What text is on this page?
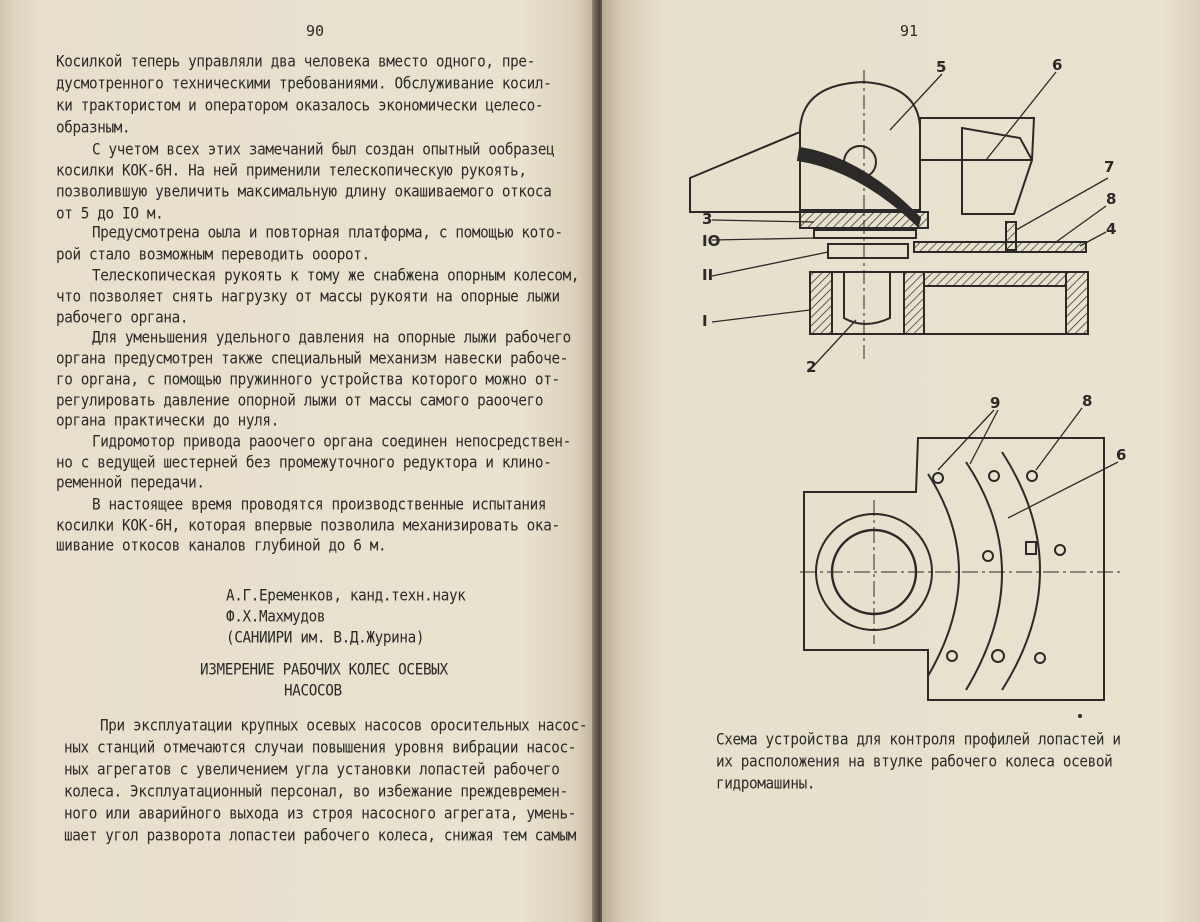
90
Косилкой теперь управляли два человека вместо одного, пре-
дусмотренного техническими требованиями. Обслуживание косил-
ки трактористом и оператором оказалось экономически целесо-
образным.
С учетом всех этих замечаний был создан опытный ообразец
косилки КОК-6Н. На ней применили телескопическую рукоять,
позволившую увеличить максимальную длину окашиваемого откоса
от 5 до IO м.
Предусмотрена оыла и повторная платформа, с помощью кото-
рой стало возможным переводить ооорот.
Телескопическая рукоять к тому же снабжена опорным колесом,
что позволяет снять нагрузку от массы рукояти на опорные лыжи
рабочего органа.
Для уменьшения удельного давления на опорные лыжи рабочего
органа предусмотрен также специальный механизм навески рабоче-
го органа, с помощью пружинного устройства которого можно от-
регулировать давление опорной лыжи от массы самого раоочего
органа практически до нуля.
Гидромотор привода раоочего органа соединен непосредствен-
но с ведущей шестерней без промежуточного редуктора и клино-
ременной передачи.
В настоящее время проводятся производственные испытания
косилки КОК-6Н, которая впервые позволила механизировать ока-
шивание откосов каналов глубиной до 6 м.
А.Г.Еременков, канд.техн.наук
Ф.Х.Махмудов
(САНИИРИ им. В.Д.Журина)
ИЗМЕРЕНИЕ РАБОЧИХ КОЛЕС ОСЕВЫХ
НАСОСОВ
При эксплуатации крупных осевых насосов оросительных насос-
ных станций отмечаются случаи повышения уровня вибрации насос-
ных агрегатов с увеличением угла установки лопастей рабочего
колеса. Эксплуатационный персонал, во избежание преждевремен-
ного или аварийного выхода из строя насосного агрегата, умень-
шает угол разворота лопастеи рабочего колеса, снижая тем самым
91
5	6
7
8
4
3
IO
II
I
2
9	8
6
Схема устройства для контроля профилей лопастей и
их расположения на втулке рабочего колеса осевой
гидромашины.
